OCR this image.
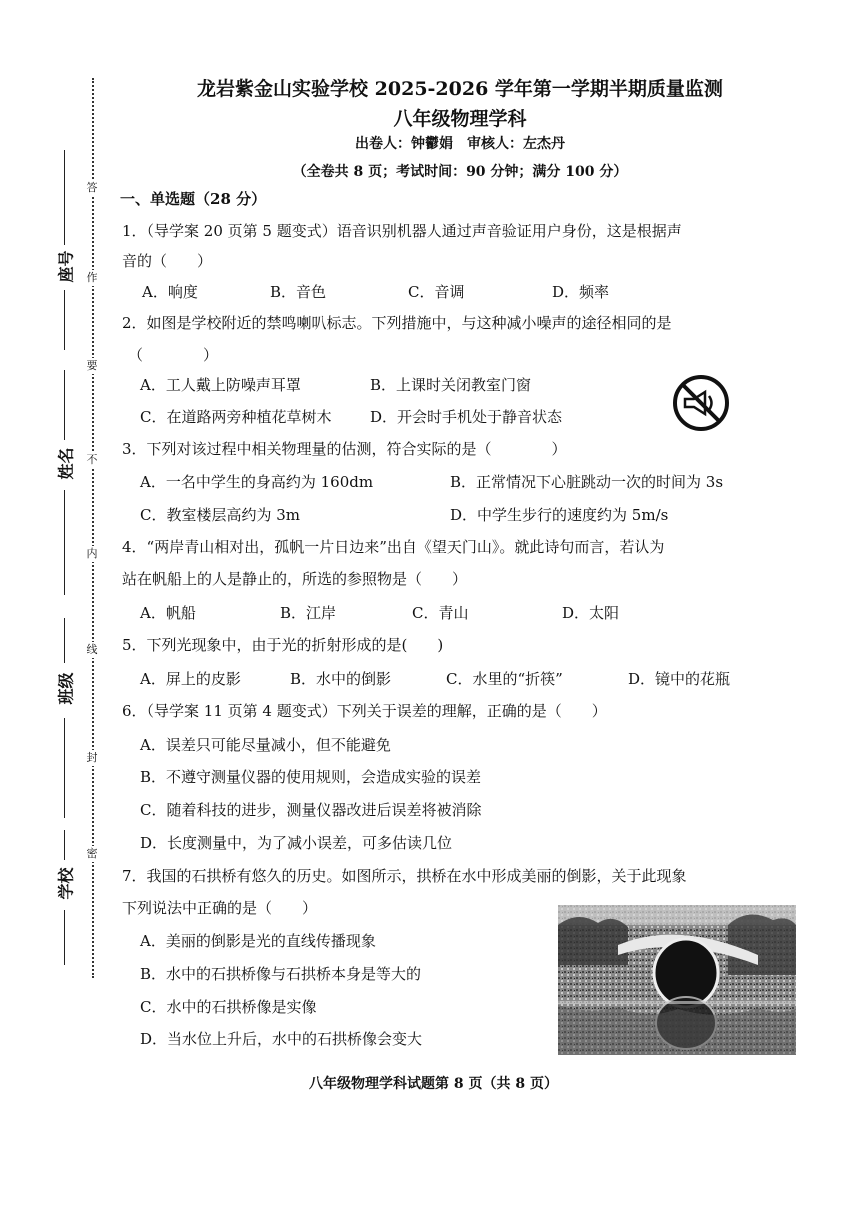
答
作
要
不
内
线
封
密
座号
姓名
班级
学校
龙岩紫金山实验学校 2025-2026 学年第一学期半期质量监测
八年级物理学科
出卷人：钟鬱娟　审核人：左杰丹
（全卷共 8 页；考试时间：90 分钟；满分 100 分）
一、单选题（28 分）
1．（导学案 20 页第 5 题变式）语音识别机器人通过声音验证用户身份，这是根据声
音的（　　）
A．响度	B．音色	C．音调	D．频率
2．如图是学校附近的禁鸣喇叭标志。下列措施中，与这种减小噪声的途径相同的是
（　　　　）
A．工人戴上防噪声耳罩	B．上课时关闭教室门窗
C．在道路两旁种植花草树木	D．开会时手机处于静音状态
3．下列对该过程中相关物理量的估测，符合实际的是（　　　　）
A．一名中学生的身高约为 160dm	B．正常情况下心脏跳动一次的时间为 3s
C．教室楼层高约为 3m	D．中学生步行的速度约为 5m/s
4．“两岸青山相对出，孤帆一片日边来”出自《望天门山》。就此诗句而言，若认为
站在帆船上的人是静止的，所选的参照物是（　　）
A．帆船	B．江岸	C．青山	D．太阳
5．下列光现象中，由于光的折射形成的是(　　)
A．屏上的皮影	B．水中的倒影	C．水里的“折筷”	D．镜中的花瓶
6．（导学案 11 页第 4 题变式）下列关于误差的理解，正确的是（　　）
A．误差只可能尽量减小，但不能避免
B．不遵守测量仪器的使用规则，会造成实验的误差
C．随着科技的进步，测量仪器改进后误差将被消除
D．长度测量中，为了减小误差，可多估读几位
7．我国的石拱桥有悠久的历史。如图所示，拱桥在水中形成美丽的倒影，关于此现象
下列说法中正确的是（　　）
A．美丽的倒影是光的直线传播现象
B．水中的石拱桥像与石拱桥本身是等大的
C．水中的石拱桥像是实像
D．当水位上升后，水中的石拱桥像会变大
八年级物理学科试题第 8 页（共 8 页）
